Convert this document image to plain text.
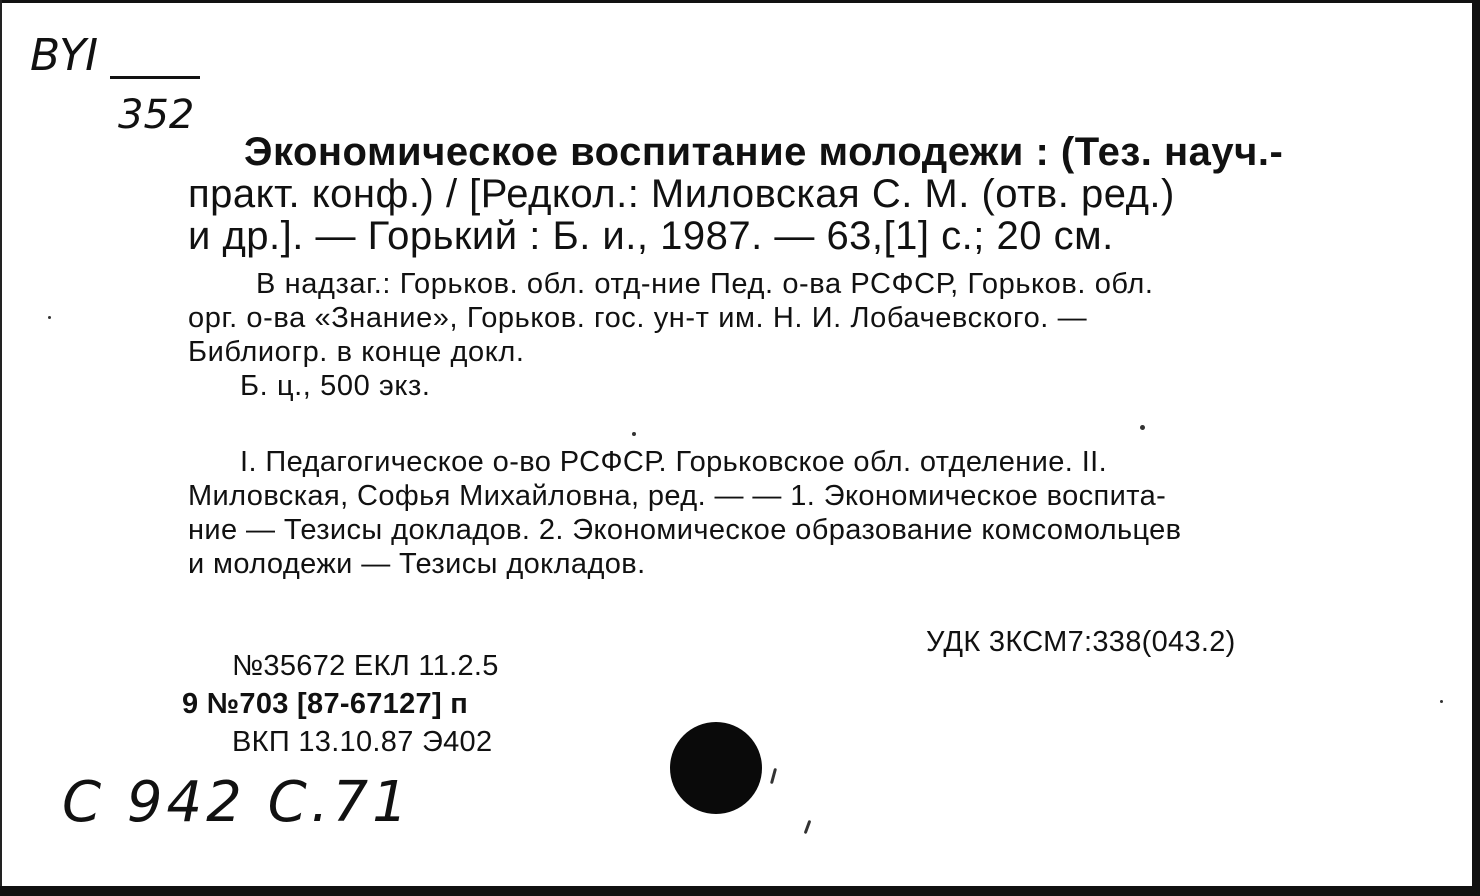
ВҮI
352

Экономическое воспитание молодежи : (Тез. науч.-

практ. конф.) / [Редкол.: Миловская С. М. (отв. ред.)

и др.]. — Горький : Б. и., 1987. — 63,[1] с.; 20 см.

В надзаг.: Горьков. обл. отд-ние Пед. о-ва РСФСР, Горьков. обл.

орг. о-ва «Знание», Горьков. гос. ун-т им. Н. И. Лобачевского. —

Библиогр. в конце докл.

Б. ц., 500 экз.

I. Педагогическое о-во РСФСР. Горьковское обл. отделение. II.

Миловская, Софья Михайловна, ред. — — 1. Экономическое воспита-

ние — Тезисы докладов. 2. Экономическое образование комсомольцев

и молодежи — Тезисы докладов.

УДК 3КСМ7:338(043.2)

№35672 ЕКЛ 11.2.5

9 №703 [87-67127] п

ВКП 13.10.87 Э402

С 942 С.71
